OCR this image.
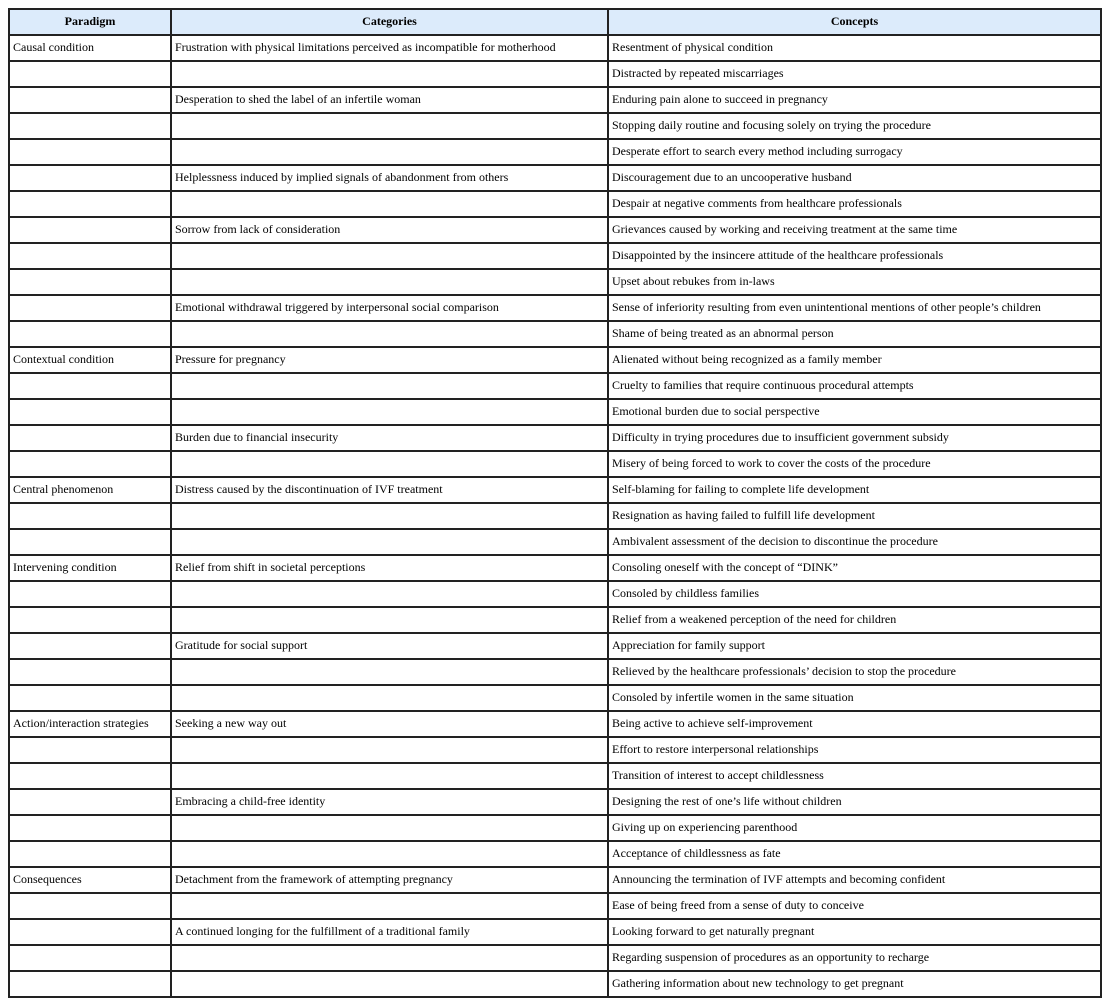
Paradigm	Categories	Concepts
Causal condition	Frustration with physical limitations perceived as incompatible for motherhood	Resentment of physical condition
		Distracted by repeated miscarriages
	Desperation to shed the label of an infertile woman	Enduring pain alone to succeed in pregnancy
		Stopping daily routine and focusing solely on trying the procedure
		Desperate effort to search every method including surrogacy
	Helplessness induced by implied signals of abandonment from others	Discouragement due to an uncooperative husband
		Despair at negative comments from healthcare professionals
	Sorrow from lack of consideration	Grievances caused by working and receiving treatment at the same time
		Disappointed by the insincere attitude of the healthcare professionals
		Upset about rebukes from in-laws
	Emotional withdrawal triggered by interpersonal social comparison	Sense of inferiority resulting from even unintentional mentions of other people’s children
		Shame of being treated as an abnormal person
Contextual condition	Pressure for pregnancy	Alienated without being recognized as a family member
		Cruelty to families that require continuous procedural attempts
		Emotional burden due to social perspective
	Burden due to financial insecurity	Difficulty in trying procedures due to insufficient government subsidy
		Misery of being forced to work to cover the costs of the procedure
Central phenomenon	Distress caused by the discontinuation of IVF treatment	Self-blaming for failing to complete life development
		Resignation as having failed to fulfill life development
		Ambivalent assessment of the decision to discontinue the procedure
Intervening condition	Relief from shift in societal perceptions	Consoling oneself with the concept of “DINK”
		Consoled by childless families
		Relief from a weakened perception of the need for children
	Gratitude for social support	Appreciation for family support
		Relieved by the healthcare professionals’ decision to stop the procedure
		Consoled by infertile women in the same situation
Action/interaction strategies	Seeking a new way out	Being active to achieve self-improvement
		Effort to restore interpersonal relationships
		Transition of interest to accept childlessness
	Embracing a child-free identity	Designing the rest of one’s life without children
		Giving up on experiencing parenthood
		Acceptance of childlessness as fate
Consequences	Detachment from the framework of attempting pregnancy	Announcing the termination of IVF attempts and becoming confident
		Ease of being freed from a sense of duty to conceive
	A continued longing for the fulfillment of a traditional family	Looking forward to get naturally pregnant
		Regarding suspension of procedures as an opportunity to recharge
		Gathering information about new technology to get pregnant
